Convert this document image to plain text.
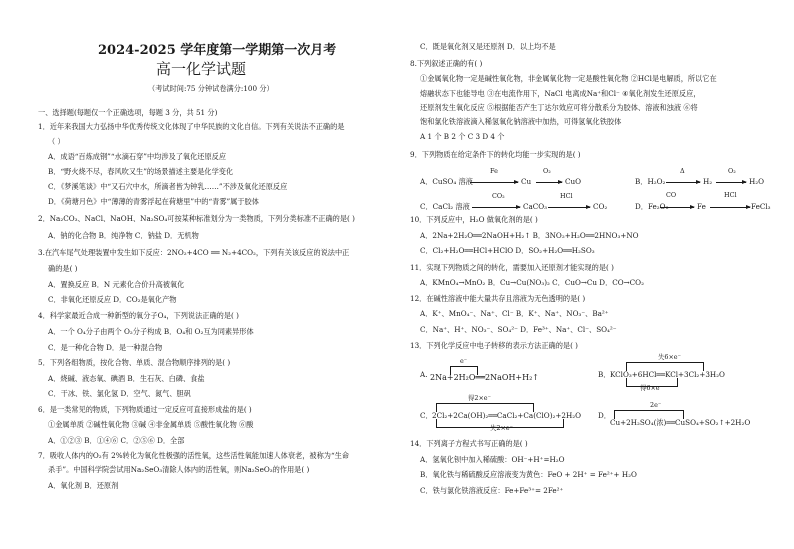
2024-2025 学年度第一学期第一次月考
高一化学试题
（考试时间:75 分钟试卷满分:100 分）
一、选择题(每题仅一个正确选项，每题 3 分，共 51 分)
1．近年来我国大力弘扬中华优秀传统文化体现了中华民族的文化自信。下列有关说法不正确的是
（ ）
A．成语“百炼成钢”“水滴石穿”中均涉及了氧化还原反应
B．“野火烧不尽，春风吹又生”的场景描述主要是化学变化
C．《梦溪笔谈》中“又石穴中水，所滴者皆为钟乳……”不涉及氧化还原反应
D．《荷塘月色》中“薄薄的青雾浮起在荷塘里”中的“青雾”属于胶体
2．Na₂CO₃、NaCl、NaOH、Na₂SO₄可按某种标准划分为一类物质，下列分类标准不正确的是( )
A．钠的化合物 B．纯净物 C．钠盐 D．无机物
3.在汽车尾气处理装置中发生如下反应：2NO₂+4CO ══ N₂+4CO₂，下列有关该反应的说法中正
确的是( )
A．置换反应 B．N 元素化合价升高被氧化
C．非氧化还原反应 D．CO₂是氧化产物
4．科学家最近合成一种新型的氧分子O₄，下列说法正确的是( )
A．一个 O₄分子由两个 O₂分子构成 B．O₄和 O₂互为同素异形体
C．是一种化合物 D．是一种混合物
5．下列各组物质，按化合物、单质、混合物顺序排列的是( )
A．烧碱、液态氧、碘酒 B．生石灰、白磷、食盐
C．干冰、铁、氯化氢 D．空气、氮气、胆矾
6．是一类常见的物质，下列物质通过一定反应可直接形成盐的是( )
①金属单质 ②碱性氧化物 ③碱 ④非金属单质 ⑤酸性氧化物 ⑥酸
A．①②③ B．①④⑥ C．②⑤⑥ D．全部
7．吸收人体内的O₂有 2%转化为氧化性极强的活性氧，这些活性氧能加速人体衰老，被称为“生命
杀手”。中国科学院尝试用Na₂SeO₃清除人体内的活性氧，则Na₂SeO₃的作用是( )
A．氧化剂 B．还原剂
C．既是氧化剂又是还原剂 D．以上均不是
8.下列叙述正确的有( )
①金属氧化物一定是碱性氧化物，非金属氧化物一定是酸性氧化物 ②HCl是电解质，所以它在
熔融状态下也能导电 ③在电流作用下，NaCl 电离成Na⁺和Cl⁻ ④氧化剂发生还原反应，
还原剂发生氧化反应 ⑤根据能否产生丁达尔效应可将分散系分为胶体、溶液和浊液 ⑥将
饱和氯化铁溶液滴入稀氢氧化钠溶液中加热，可得氢氧化铁胶体
A 1 个 B 2 个 C 3 D 4 个
9．下列物质在给定条件下的转化均能一步实现的是( )
A．CuSO₄ 溶液
Fe
Cu
O₂
CuO	B．H₂O₂
Δ
H₂
O₂
H₂O
C．CaCl₂ 溶液
CO₂
CaCO₃
HCl
CO₂	D．Fe₂O₃
CO
Fe
HCl
FeCl₃
10．下列反应中，H₂O 做氧化剂的是( )
A．2Na+2H₂O══2NaOH+H₂↑ B．3NO₂+H₂O══2HNO₃+NO
C．Cl₂+H₂O══HCl+HClO D．SO₂+H₂O══H₂SO₃
11．实现下列物质之间的转化，需要加入还原剂才能实现的是( )
A．KMnO₄→MnO₂ B．Cu→Cu(NO₃)₂ C．CuO→Cu D．CO→CO₂
12．在碱性溶液中能大量共存且溶液为无色透明的是( )
A．K⁺、MnO₄⁻、Na⁺、Cl⁻ B．K⁺、Na⁺、NO₃⁻、Ba²⁺
C．Na⁺、H⁺、NO₃⁻、SO₄²⁻ D．Fe³⁺、Na⁺、Cl⁻、SO₄²⁻
13．下列化学反应中电子转移的表示方法正确的是( )
A.
e⁻
2Na+2H₂O══2NaOH+H₂↑	B．
失6×e⁻
KClO₃+6HCl══KCl+3Cl₂+3H₂O
得6×e⁻
得2×e⁻
C． 2Cl₂+2Ca(OH)₂══CaCl₂+Ca(ClO)₂+2H₂O
失2×e⁻
2e⁻
D．
Cu+2H₂SO₄(浓)══CuSO₄+SO₂↑+2H₂O
14．下列离子方程式书写正确的是( )
A．氢氧化钡中加入稀硫酸：OH⁻+H⁺=H₂O
B．氧化铁与稀硫酸反应溶液变为黄色：FeO + 2H⁺ = Fe²⁺+ H₂O
C．铁与氯化铁溶液反应：Fe+Fe³⁺= 2Fe²⁺
